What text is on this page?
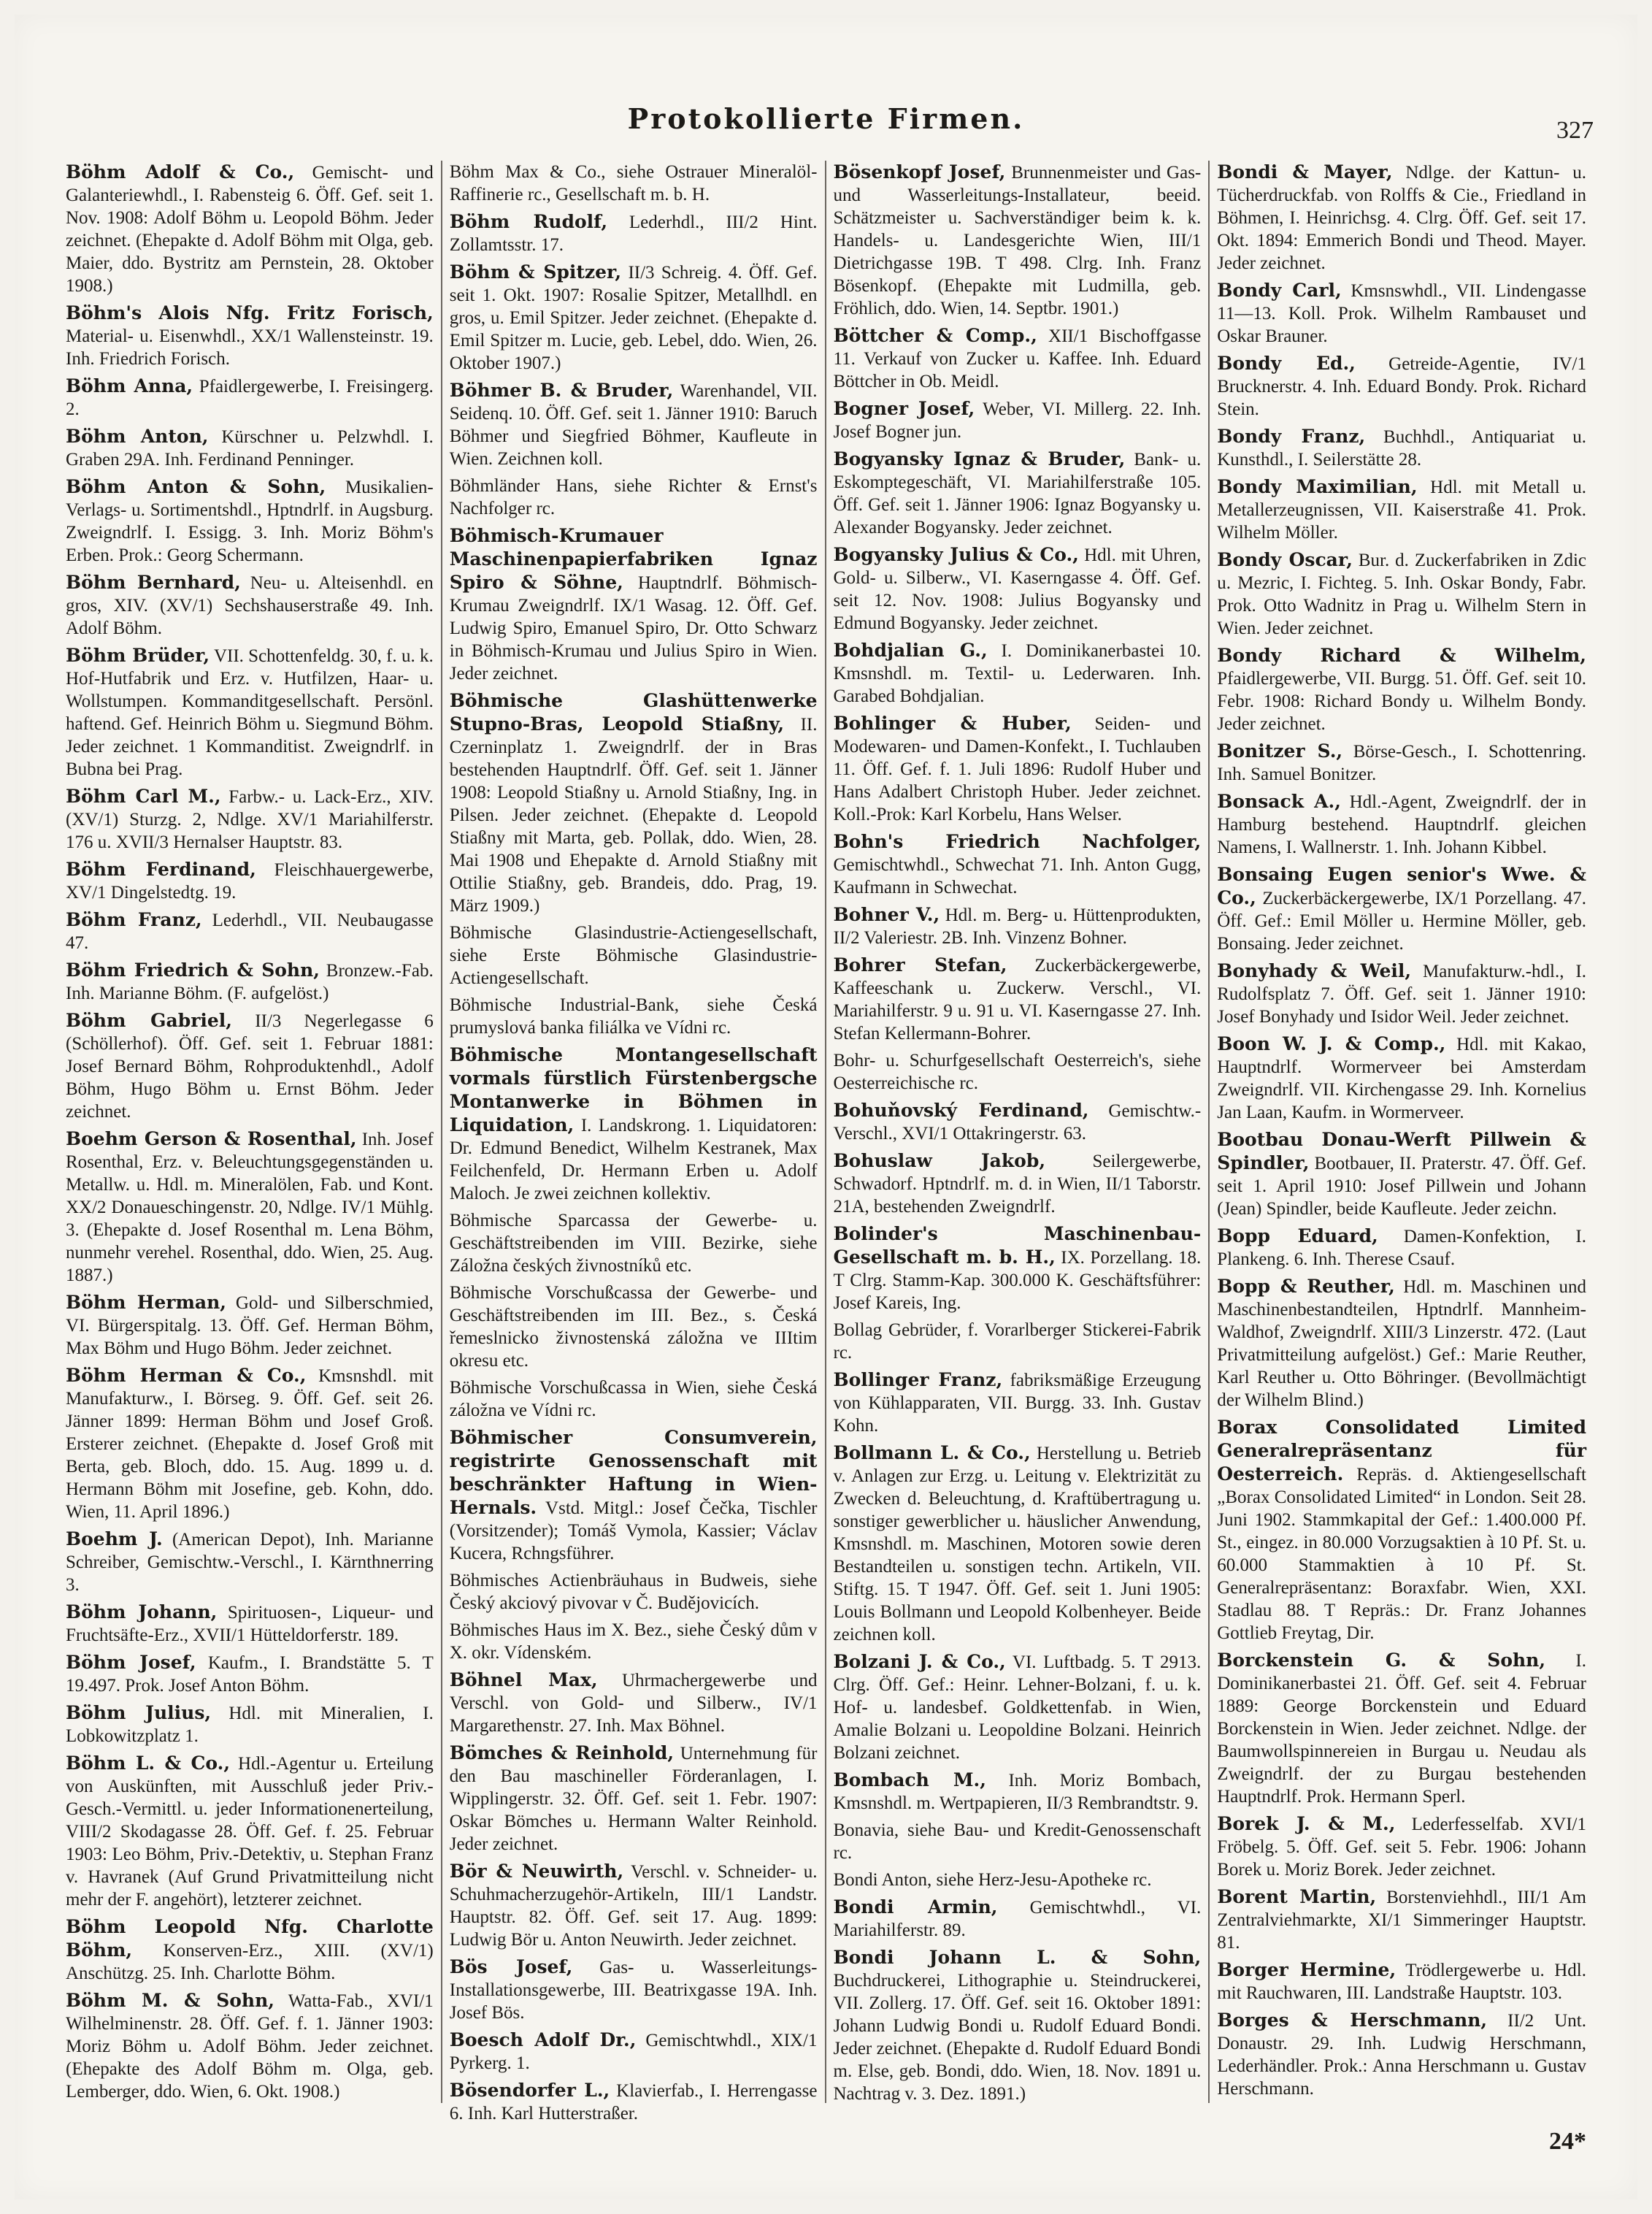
Protokollierte Firmen.	327

Böhm Adolf & Co., Gemischt- und Galanteriewhdl., I. Rabensteig 6. Öff. Gef. seit 1. Nov. 1908: Adolf Böhm u. Leopold Böhm. Jeder zeichnet. (Ehepakte d. Adolf Böhm mit Olga, geb. Maier, ddo. Bystritz am Pernstein, 28. Oktober 1908.)

Böhm's Alois Nfg. Fritz Forisch, Material- u. Eisenwhdl., XX/1 Wallensteinstr. 19. Inh. Friedrich Forisch.

Böhm Anna, Pfaidlergewerbe, I. Freisingerg. 2.

Böhm Anton, Kürschner u. Pelzwhdl. I. Graben 29A. Inh. Ferdinand Penninger.

Böhm Anton & Sohn, Musikalien-Verlags- u. Sortimentshdl., Hptndrlf. in Augsburg. Zweigndrlf. I. Essigg. 3. Inh. Moriz Böhm's Erben. Prok.: Georg Schermann.

Böhm Bernhard, Neu- u. Alteisenhdl. en gros, XIV. (XV/1) Sechshauserstraße 49. Inh. Adolf Böhm.

Böhm Brüder, VII. Schottenfeldg. 30, f. u. k. Hof-Hutfabrik und Erz. v. Hutfilzen, Haar- u. Wollstumpen. Kommanditgesellschaft. Persönl. haftend. Gef. Heinrich Böhm u. Siegmund Böhm. Jeder zeichnet. 1 Kommanditist. Zweigndrlf. in Bubna bei Prag.

Böhm Carl M., Farbw.- u. Lack-Erz., XIV. (XV/1) Sturzg. 2, Ndlge. XV/1 Mariahilferstr. 176 u. XVII/3 Hernalser Hauptstr. 83.

Böhm Ferdinand, Fleischhauergewerbe, XV/1 Dingelstedtg. 19.

Böhm Franz, Lederhdl., VII. Neubaugasse 47.

Böhm Friedrich & Sohn, Bronzew.-Fab. Inh. Marianne Böhm. (F. aufgelöst.)

Böhm Gabriel, II/3 Negerlegasse 6 (Schöllerhof). Öff. Gef. seit 1. Februar 1881: Josef Bernard Böhm, Rohproduktenhdl., Adolf Böhm, Hugo Böhm u. Ernst Böhm. Jeder zeichnet.

Boehm Gerson & Rosenthal, Inh. Josef Rosenthal, Erz. v. Beleuchtungsgegenständen u. Metallw. u. Hdl. m. Mineralölen, Fab. und Kont. XX/2 Donaueschingenstr. 20, Ndlge. IV/1 Mühlg. 3. (Ehepakte d. Josef Rosenthal m. Lena Böhm, nunmehr verehel. Rosenthal, ddo. Wien, 25. Aug. 1887.)

Böhm Herman, Gold- und Silberschmied, VI. Bürgerspitalg. 13. Öff. Gef. Herman Böhm, Max Böhm und Hugo Böhm. Jeder zeichnet.

Böhm Herman & Co., Kmsnshdl. mit Manufakturw., I. Börseg. 9. Öff. Gef. seit 26. Jänner 1899: Herman Böhm und Josef Groß. Ersterer zeichnet. (Ehepakte d. Josef Groß mit Berta, geb. Bloch, ddo. 15. Aug. 1899 u. d. Hermann Böhm mit Josefine, geb. Kohn, ddo. Wien, 11. April 1896.)

Boehm J. (American Depot), Inh. Marianne Schreiber, Gemischtw.-Verschl., I. Kärnthnerring 3.

Böhm Johann, Spirituosen-, Liqueur- und Fruchtsäfte-Erz., XVII/1 Hütteldorferstr. 189.

Böhm Josef, Kaufm., I. Brandstätte 5. T 19.497. Prok. Josef Anton Böhm.

Böhm Julius, Hdl. mit Mineralien, I. Lobkowitzplatz 1.

Böhm L. & Co., Hdl.-Agentur u. Erteilung von Auskünften, mit Ausschluß jeder Priv.-Gesch.-Vermittl. u. jeder Informationenerteilung, VIII/2 Skodagasse 28. Öff. Gef. f. 25. Februar 1903: Leo Böhm, Priv.-Detektiv, u. Stephan Franz v. Havranek (Auf Grund Privatmitteilung nicht mehr der F. angehört), letzterer zeichnet.

Böhm Leopold Nfg. Charlotte Böhm, Konserven-Erz., XIII. (XV/1) Anschützg. 25. Inh. Charlotte Böhm.

Böhm M. & Sohn, Watta-Fab., XVI/1 Wilhelminenstr. 28. Öff. Gef. f. 1. Jänner 1903: Moriz Böhm u. Adolf Böhm. Jeder zeichnet. (Ehepakte des Adolf Böhm m. Olga, geb. Lemberger, ddo. Wien, 6. Okt. 1908.)

Böhm Max & Co., siehe Ostrauer Mineralöl-Raffinerie rc., Gesellschaft m. b. H.

Böhm Rudolf, Lederhdl., III/2 Hint. Zollamtsstr. 17.

Böhm & Spitzer, II/3 Schreig. 4. Öff. Gef. seit 1. Okt. 1907: Rosalie Spitzer, Metallhdl. en gros, u. Emil Spitzer. Jeder zeichnet. (Ehepakte d. Emil Spitzer m. Lucie, geb. Lebel, ddo. Wien, 26. Oktober 1907.)

Böhmer B. & Bruder, Warenhandel, VII. Seidenq. 10. Öff. Gef. seit 1. Jänner 1910: Baruch Böhmer und Siegfried Böhmer, Kaufleute in Wien. Zeichnen koll.

Böhmländer Hans, siehe Richter & Ernst's Nachfolger rc.

Böhmisch-Krumauer Maschinenpapierfabriken Ignaz Spiro & Söhne, Hauptndrlf. Böhmisch-Krumau Zweigndrlf. IX/1 Wasag. 12. Öff. Gef. Ludwig Spiro, Emanuel Spiro, Dr. Otto Schwarz in Böhmisch-Krumau und Julius Spiro in Wien. Jeder zeichnet.

Böhmische Glashüttenwerke Stupno-Bras, Leopold Stiaßny, II. Czerninplatz 1. Zweigndrlf. der in Bras bestehenden Hauptndrlf. Öff. Gef. seit 1. Jänner 1908: Leopold Stiaßny u. Arnold Stiaßny, Ing. in Pilsen. Jeder zeichnet. (Ehepakte d. Leopold Stiaßny mit Marta, geb. Pollak, ddo. Wien, 28. Mai 1908 und Ehepakte d. Arnold Stiaßny mit Ottilie Stiaßny, geb. Brandeis, ddo. Prag, 19. März 1909.)

Böhmische Glasindustrie-Actiengesellschaft, siehe Erste Böhmische Glasindustrie-Actiengesellschaft.

Böhmische Industrial-Bank, siehe Česká prumyslová banka filiálka ve Vídni rc.

Böhmische Montangesellschaft vormals fürstlich Fürstenbergsche Montanwerke in Böhmen in Liquidation, I. Landskrong. 1. Liquidatoren: Dr. Edmund Benedict, Wilhelm Kestranek, Max Feilchenfeld, Dr. Hermann Erben u. Adolf Maloch. Je zwei zeichnen kollektiv.

Böhmische Sparcassa der Gewerbe- u. Geschäftstreibenden im VIII. Bezirke, siehe Záložna českých živnostníků etc.

Böhmische Vorschußcassa der Gewerbe- und Geschäftstreibenden im III. Bez., s. Česká řemeslnicko živnostenská záložna ve IIItim okresu etc.

Böhmische Vorschußcassa in Wien, siehe Česká záložna ve Vídni rc.

Böhmischer Consumverein, registrirte Genossenschaft mit beschränkter Haftung in Wien-Hernals. Vstd. Mitgl.: Josef Čečka, Tischler (Vorsitzender); Tomáš Vymola, Kassier; Václav Kucera, Rchngsführer.

Böhmisches Actienbräuhaus in Budweis, siehe Český akciový pivovar v Č. Budějovicích.

Böhmisches Haus im X. Bez., siehe Český dům v X. okr. Vídenském.

Böhnel Max, Uhrmachergewerbe und Verschl. von Gold- und Silberw., IV/1 Margarethenstr. 27. Inh. Max Böhnel.

Bömches & Reinhold, Unternehmung für den Bau maschineller Förderanlagen, I. Wipplingerstr. 32. Öff. Gef. seit 1. Febr. 1907: Oskar Bömches u. Hermann Walter Reinhold. Jeder zeichnet.

Bör & Neuwirth, Verschl. v. Schneider- u. Schuhmacherzugehör-Artikeln, III/1 Landstr. Hauptstr. 82. Öff. Gef. seit 17. Aug. 1899: Ludwig Bör u. Anton Neuwirth. Jeder zeichnet.

Bös Josef, Gas- u. Wasserleitungs-Installationsgewerbe, III. Beatrixgasse 19A. Inh. Josef Bös.

Boesch Adolf Dr., Gemischtwhdl., XIX/1 Pyrkerg. 1.

Bösendorfer L., Klavierfab., I. Herrengasse 6. Inh. Karl Hutterstraßer.

Bösenkopf Josef, Brunnenmeister und Gas- und Wasserleitungs-Installateur, beeid. Schätzmeister u. Sachverständiger beim k. k. Handels- u. Landesgerichte Wien, III/1 Dietrichgasse 19B. T 498. Clrg. Inh. Franz Bösenkopf. (Ehepakte mit Ludmilla, geb. Fröhlich, ddo. Wien, 14. Septbr. 1901.)

Böttcher & Comp., XII/1 Bischoffgasse 11. Verkauf von Zucker u. Kaffee. Inh. Eduard Böttcher in Ob. Meidl.

Bogner Josef, Weber, VI. Millerg. 22. Inh. Josef Bogner jun.

Bogyansky Ignaz & Bruder, Bank- u. Eskomptegeschäft, VI. Mariahilferstraße 105. Öff. Gef. seit 1. Jänner 1906: Ignaz Bogyansky u. Alexander Bogyansky. Jeder zeichnet.

Bogyansky Julius & Co., Hdl. mit Uhren, Gold- u. Silberw., VI. Kaserngasse 4. Öff. Gef. seit 12. Nov. 1908: Julius Bogyansky und Edmund Bogyansky. Jeder zeichnet.

Bohdjalian G., I. Dominikanerbastei 10. Kmsnshdl. m. Textil- u. Lederwaren. Inh. Garabed Bohdjalian.

Bohlinger & Huber, Seiden- und Modewaren- und Damen-Konfekt., I. Tuchlauben 11. Öff. Gef. f. 1. Juli 1896: Rudolf Huber und Hans Adalbert Christoph Huber. Jeder zeichnet. Koll.-Prok: Karl Korbelu, Hans Welser.

Bohn's Friedrich Nachfolger, Gemischtwhdl., Schwechat 71. Inh. Anton Gugg, Kaufmann in Schwechat.

Bohner V., Hdl. m. Berg- u. Hüttenprodukten, II/2 Valeriestr. 2B. Inh. Vinzenz Bohner.

Bohrer Stefan, Zuckerbäckergewerbe, Kaffeeschank u. Zuckerw. Verschl., VI. Mariahilferstr. 9 u. 91 u. VI. Kaserngasse 27. Inh. Stefan Kellermann-Bohrer.

Bohr- u. Schurfgesellschaft Oesterreich's, siehe Oesterreichische rc.

Bohuňovský Ferdinand, Gemischtw.-Verschl., XVI/1 Ottakringerstr. 63.

Bohuslaw Jakob,	Seilergewerbe, Schwadorf. Hptndrlf. m. d. in Wien, II/1 Taborstr. 21A, bestehenden Zweigndrlf.

Bolinder's Maschinenbau-Gesellschaft m. b. H., IX. Porzellang. 18. T Clrg. Stamm-Kap. 300.000 K. Geschäftsführer: Josef Kareis, Ing.

Bollag Gebrüder, f. Vorarlberger Stickerei-Fabrik rc.

Bollinger Franz, fabriksmäßige Erzeugung von Kühlapparaten, VII. Burgg. 33. Inh. Gustav Kohn.

Bollmann L. & Co., Herstellung u. Betrieb v. Anlagen zur Erzg. u. Leitung v. Elektrizität zu Zwecken d. Beleuchtung, d. Kraftübertragung u. sonstiger gewerblicher u. häuslicher Anwendung, Kmsnshdl. m. Maschinen, Motoren sowie deren Bestandteilen u. sonstigen techn. Artikeln, VII. Stiftg. 15. T 1947. Öff. Gef. seit 1. Juni 1905: Louis Bollmann und Leopold Kolbenheyer. Beide zeichnen koll.

Bolzani J. & Co., VI. Luftbadg. 5. T 2913. Clrg. Öff. Gef.: Heinr. Lehner-Bolzani, f. u. k. Hof- u. landesbef. Goldkettenfab. in Wien, Amalie Bolzani u. Leopoldine Bolzani. Heinrich Bolzani zeichnet.

Bombach M., Inh. Moriz Bombach, Kmsnshdl. m. Wertpapieren, II/3 Rembrandtstr. 9.

Bonavia, siehe Bau- und Kredit-Genossenschaft rc.

Bondi Anton, siehe Herz-Jesu-Apotheke rc.

Bondi Armin, Gemischtwhdl., VI. Mariahilferstr. 89.

Bondi Johann L. & Sohn, Buchdruckerei, Lithographie u. Steindruckerei, VII. Zollerg. 17. Öff. Gef. seit 16. Oktober 1891: Johann Ludwig Bondi u. Rudolf Eduard Bondi. Jeder zeichnet. (Ehepakte d. Rudolf Eduard Bondi m. Else, geb. Bondi, ddo. Wien, 18. Nov. 1891 u. Nachtrag v. 3. Dez. 1891.)

Bondi & Mayer, Ndlge. der Kattun- u. Tücherdruckfab. von Rolffs & Cie., Friedland in Böhmen, I. Heinrichsg. 4. Clrg. Öff. Gef. seit 17. Okt. 1894: Emmerich Bondi und Theod. Mayer. Jeder zeichnet.

Bondy Carl, Kmsnswhdl., VII. Lindengasse 11—13. Koll. Prok. Wilhelm Rambauset und Oskar Brauner.

Bondy Ed., Getreide-Agentie, IV/1 Brucknerstr. 4. Inh. Eduard Bondy. Prok. Richard Stein.

Bondy Franz, Buchhdl., Antiquariat u. Kunsthdl., I. Seilerstätte 28.

Bondy Maximilian, Hdl. mit Metall u. Metallerzeugnissen, VII. Kaiserstraße 41. Prok. Wilhelm Möller.

Bondy Oscar, Bur. d. Zuckerfabriken in Zdic u. Mezric, I. Fichteg. 5. Inh. Oskar Bondy, Fabr. Prok. Otto Wadnitz in Prag u. Wilhelm Stern in Wien. Jeder zeichnet.

Bondy Richard & Wilhelm, Pfaidlergewerbe, VII. Burgg. 51. Öff. Gef. seit 10. Febr. 1908: Richard Bondy u. Wilhelm Bondy. Jeder zeichnet.

Bonitzer S., Börse-Gesch., I. Schottenring. Inh. Samuel Bonitzer.

Bonsack A., Hdl.-Agent, Zweigndrlf. der in Hamburg bestehend. Hauptndrlf. gleichen Namens, I. Wallnerstr. 1. Inh. Johann Kibbel.

Bonsaing Eugen senior's Wwe. & Co., Zuckerbäckergewerbe, IX/1 Porzellang. 47. Öff. Gef.: Emil Möller u. Hermine Möller, geb. Bonsaing. Jeder zeichnet.

Bonyhady & Weil, Manufakturw.-hdl., I. Rudolfsplatz 7. Öff. Gef. seit 1. Jänner 1910: Josef Bonyhady und Isidor Weil. Jeder zeichnet.

Boon W. J. & Comp., Hdl. mit Kakao, Hauptndrlf. Wormerveer bei Amsterdam Zweigndrlf. VII. Kirchengasse 29. Inh. Kornelius Jan Laan, Kaufm. in Wormerveer.

Bootbau Donau-Werft Pillwein & Spindler, Bootbauer, II. Praterstr. 47. Öff. Gef. seit 1. April 1910: Josef Pillwein und Johann (Jean) Spindler, beide Kaufleute. Jeder zeichn.

Bopp Eduard, Damen-Konfektion, I. Plankeng. 6. Inh. Therese Csauf.

Bopp & Reuther, Hdl. m. Maschinen und Maschinenbestandteilen, Hptndrlf. Mannheim-Waldhof, Zweigndrlf. XIII/3 Linzerstr. 472. (Laut Privatmitteilung aufgelöst.) Gef.: Marie Reuther, Karl Reuther u. Otto Böhringer. (Bevollmächtigt der Wilhelm Blind.)

Borax Consolidated Limited Generalrepräsentanz für Oesterreich. Repräs. d. Aktiengesellschaft „Borax Consolidated Limited“ in London. Seit 28. Juni 1902. Stammkapital der Gef.: 1.400.000 Pf. St., eingez. in 80.000 Vorzugsaktien à 10 Pf. St. u. 60.000 Stammaktien à 10 Pf. St. Generalrepräsentanz: Boraxfabr. Wien, XXI. Stadlau 88. T Repräs.: Dr. Franz Johannes Gottlieb Freytag, Dir.

Borckenstein G. & Sohn, I. Dominikanerbastei 21. Öff. Gef. seit 4. Februar 1889: George Borckenstein und Eduard Borckenstein in Wien. Jeder zeichnet. Ndlge. der Baumwollspinnereien in Burgau u. Neudau als Zweigndrlf. der zu Burgau bestehenden Hauptndrlf. Prok. Hermann Sperl.

Borek J. & M., Lederfesselfab. XVI/1 Fröbelg. 5. Öff. Gef. seit 5. Febr. 1906: Johann Borek u. Moriz Borek. Jeder zeichnet.

Borent Martin, Borstenviehhdl., III/1 Am Zentralviehmarkte, XI/1 Simmeringer Hauptstr. 81.

Borger Hermine, Trödlergewerbe u. Hdl. mit Rauchwaren, III. Landstraße Hauptstr. 103.

Borges & Herschmann, II/2 Unt. Donaustr. 29. Inh. Ludwig Herschmann, Lederhändler. Prok.: Anna Herschmann u. Gustav Herschmann.

24*
